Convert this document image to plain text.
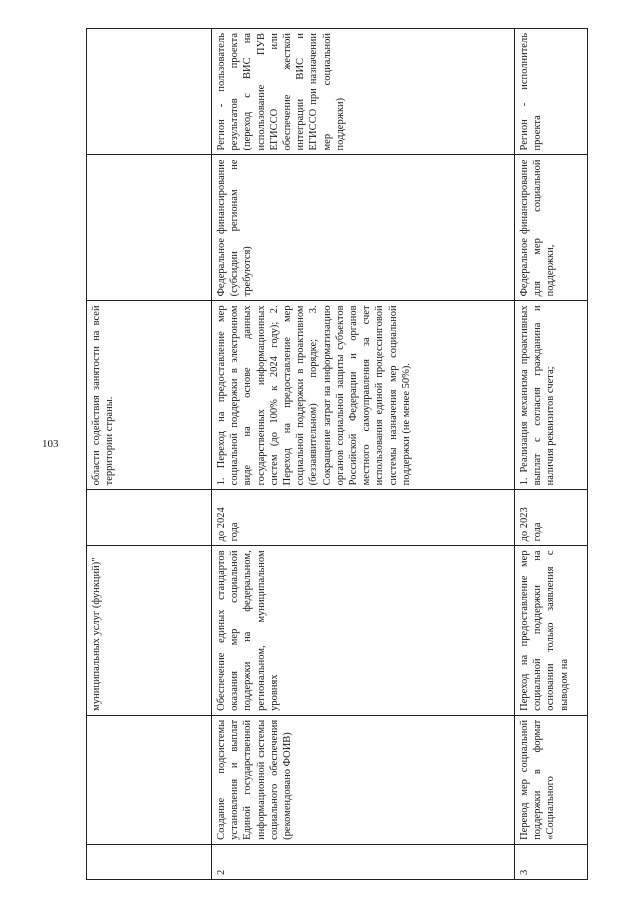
103
		муниципальных услуг (функций)"		области содействия занятости на всей территории страны.		
2	Создание подсистемы установления и выплат Единой государственной информационной системы социального обеспечения (рекомендовано ФОИВ)	Обеспечение единых стандартов оказания мер социальной поддержки на федеральном, региональном, муниципальном уровнях	до 2024 года	1. Переход на предоставление мер социальной поддержки в электронном виде на основе данных государственных информационных систем (до 100% к 2024 году); 2. Переход на предоставление мер социальной поддержки в проактивном (беззаявительном) порядке; 3. Сокращение затрат на информатизацию органов социальной защиты субъектов Российской Федерации и органов местного самоуправления за счет использования единой процессинговой системы назначения мер социальной поддержки (не менее 50%).	Федеральное финансирование (субсидии регионам не требуются)	Регион - пользователь результатов проекта (переход с ВИС на использование ПУВ ЕГИССО или обеспечение жесткой интеграции ВИС и ЕГИССО при назначении мер социальной поддержки)
3	Перевод мер социальной поддержки в формат «Социального	Переход на предоставление мер социальной поддержки на основании только заявления с выводом на	до 2023 года	1. Реализация механизма проактивных выплат с согласия гражданина и наличия реквизитов счета;	Федеральное финансирование для мер социальной поддержки,	Регион - исполнитель проекта
